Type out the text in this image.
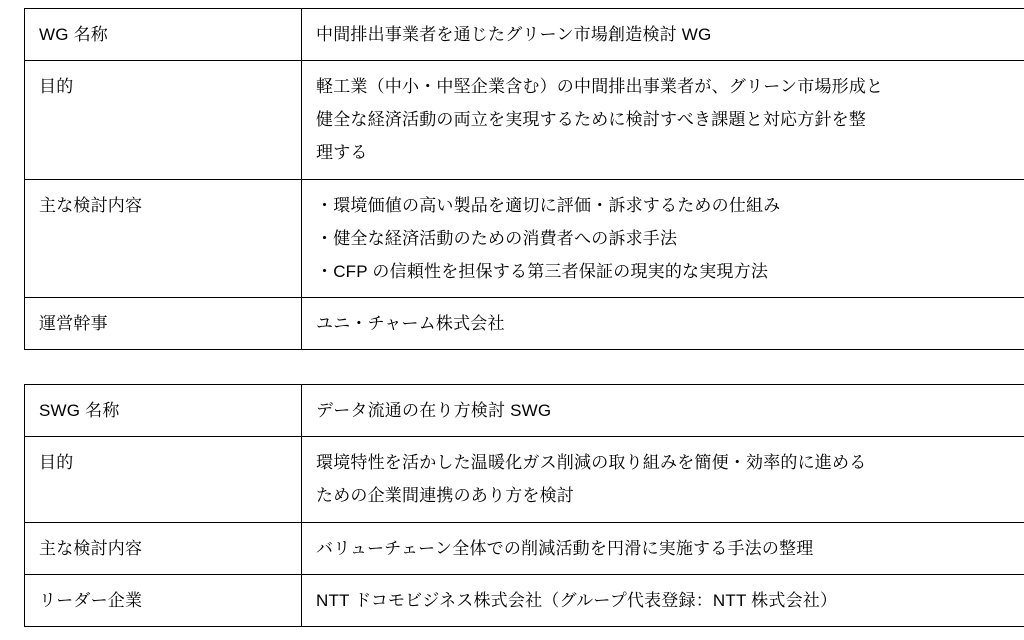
WG 名称	中間排出事業者を通じたグリーン市場創造検討 WG

目的	軽工業（中小・中堅企業含む）の中間排出事業者が、グリーン市場形成と
健全な経済活動の両立を実現するために検討すべき課題と対応方針を整
理する

主な検討内容	・環境価値の高い製品を適切に評価・訴求するための仕組み
・健全な経済活動のための消費者への訴求手法
・CFP の信頼性を担保する第三者保証の現実的な実現方法

運営幹事	ユニ・チャーム株式会社
SWG 名称	データ流通の在り方検討 SWG

目的	環境特性を活かした温暖化ガス削減の取り組みを簡便・効率的に進める
ための企業間連携のあり方を検討

主な検討内容	バリューチェーン全体での削減活動を円滑に実施する手法の整理

リーダー企業	NTT ドコモビジネス株式会社（グループ代表登録：NTT 株式会社）
